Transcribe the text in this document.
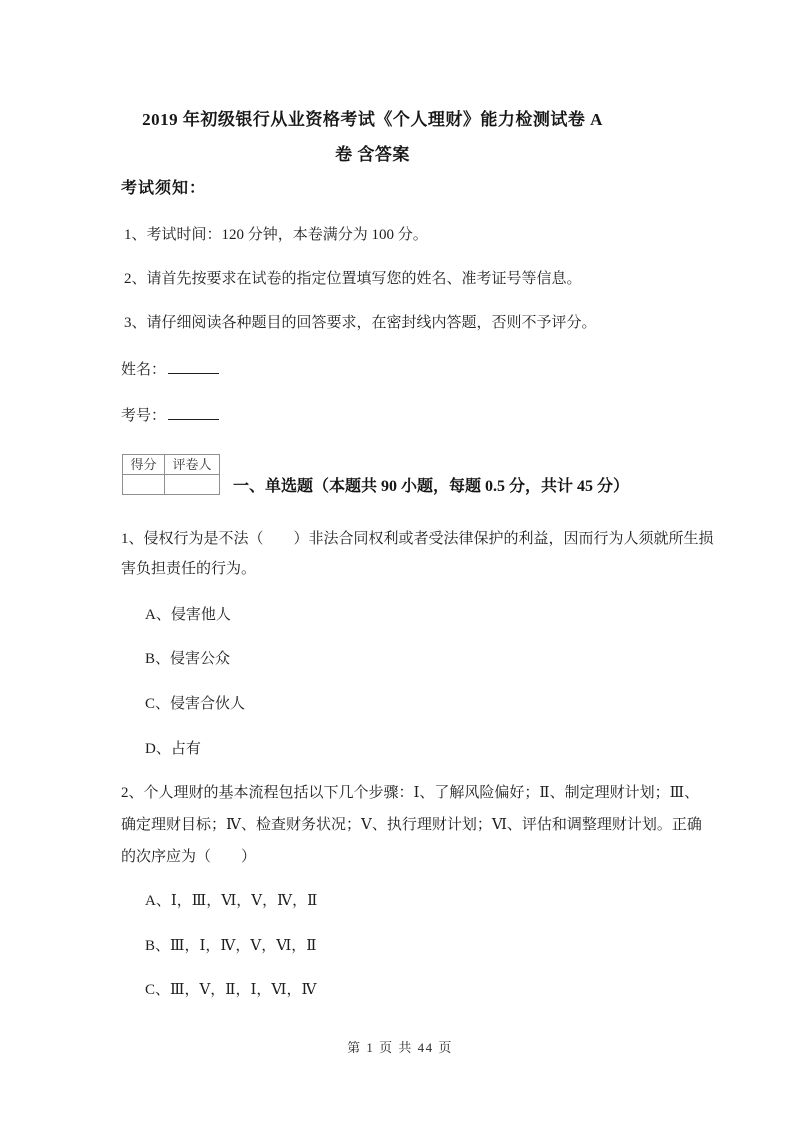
2019 年初级银行从业资格考试《个人理财》能力检测试卷 A
卷 含答案
考试须知：
1、考试时间：120 分钟，本卷满分为 100 分。
2、请首先按要求在试卷的指定位置填写您的姓名、准考证号等信息。
3、请仔细阅读各种题目的回答要求，在密封线内答题，否则不予评分。
姓名：
考号：
得分	评卷人

一、单选题（本题共 90 小题，每题 0.5 分，共计 45 分）
1、侵权行为是不法（　　）非法合同权利或者受法律保护的利益，因而行为人须就所生损
害负担责任的行为。
A、侵害他人
B、侵害公众
C、侵害合伙人
D、占有
2、个人理财的基本流程包括以下几个步骤：Ⅰ、了解风险偏好；Ⅱ、制定理财计划；Ⅲ、
确定理财目标；Ⅳ、检查财务状况；Ⅴ、执行理财计划；Ⅵ、评估和调整理财计划。正确
的次序应为（　　）
A、Ⅰ，Ⅲ，Ⅵ，Ⅴ，Ⅳ，Ⅱ
B、Ⅲ，Ⅰ，Ⅳ，Ⅴ，Ⅵ，Ⅱ
C、Ⅲ，Ⅴ，Ⅱ，Ⅰ，Ⅵ，Ⅳ
第 1 页 共 44 页
